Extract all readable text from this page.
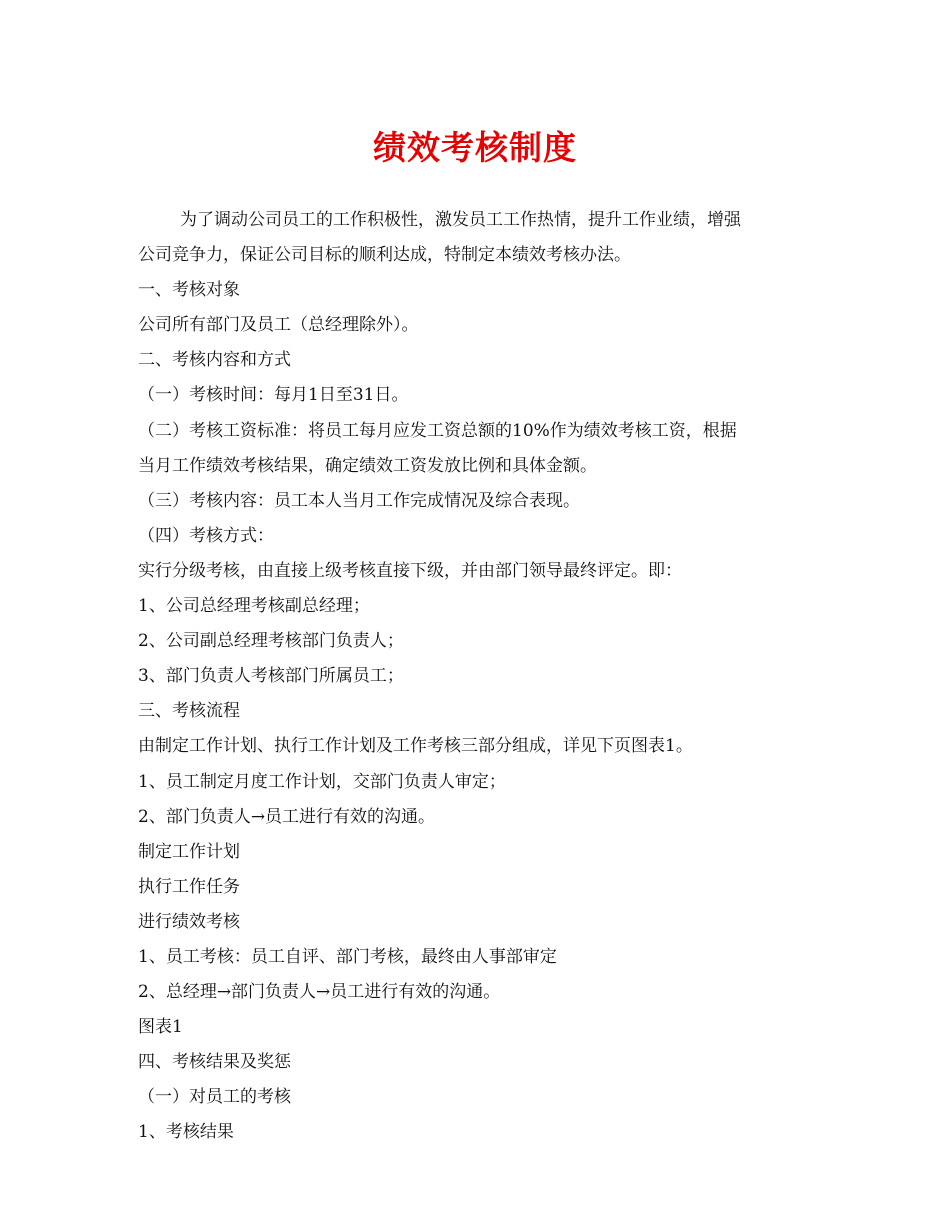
绩效考核制度
为了调动公司员工的工作积极性，激发员工工作热情，提升工作业绩，增强
公司竞争力，保证公司目标的顺利达成，特制定本绩效考核办法。
一、考核对象
公司所有部门及员工（总经理除外）。
二、考核内容和方式
（一）考核时间：每月1日至31日。
（二）考核工资标准：将员工每月应发工资总额的10%作为绩效考核工资，根据
当月工作绩效考核结果，确定绩效工资发放比例和具体金额。
（三）考核内容：员工本人当月工作完成情况及综合表现。
（四）考核方式：
实行分级考核，由直接上级考核直接下级，并由部门领导最终评定。即：
1、公司总经理考核副总经理；
2、公司副总经理考核部门负责人；
3、部门负责人考核部门所属员工；
三、考核流程
由制定工作计划、执行工作计划及工作考核三部分组成，详见下页图表1。
1、员工制定月度工作计划，交部门负责人审定；
2、部门负责人→员工进行有效的沟通。
制定工作计划
执行工作任务
进行绩效考核
1、员工考核：员工自评、部门考核，最终由人事部审定
2、总经理→部门负责人→员工进行有效的沟通。
图表1
四、考核结果及奖惩
（一）对员工的考核
1、考核结果
